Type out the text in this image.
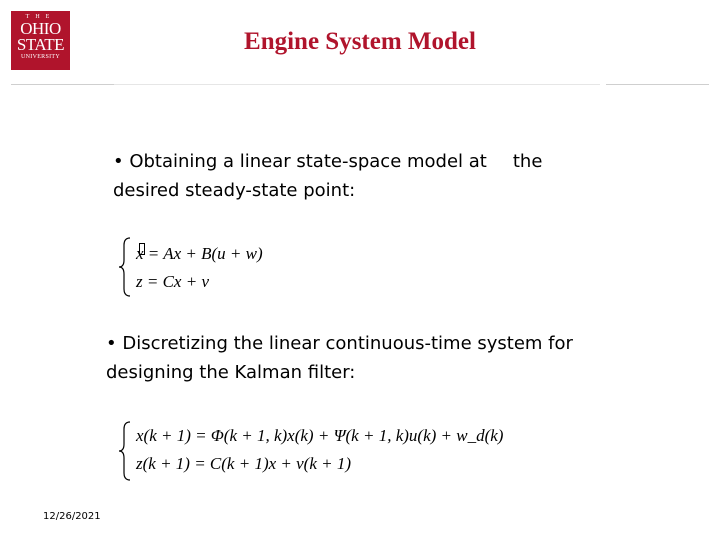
THE
OHIO
STATE
UNIVERSITY
Engine System Model
• Obtaining a linear state-space model at the
desired steady-state point:
x = Ax + B(u + w)
z = Cx + v
• Discretizing the linear continuous-time system for
designing the Kalman filter:
x(k + 1) = Φ(k + 1, k)x(k) + Ψ(k + 1, k)u(k) + w_d(k)
z(k + 1) = C(k + 1)x + v(k + 1)
12/26/2021
